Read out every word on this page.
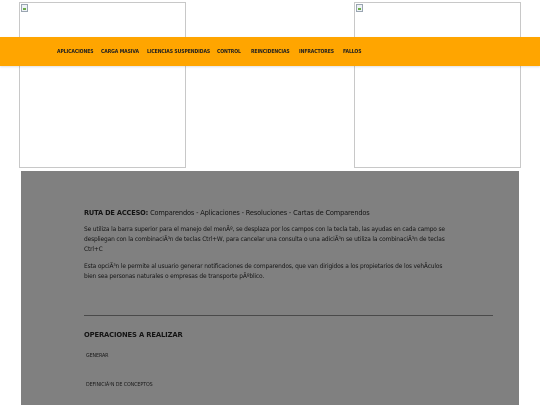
APLICACIONES	CARGA MASIVA LICENCIAS SUSPENDIDAS CONTROL	REINCIDENCIAS	INFRACTORES	FALLOS

RUTA DE ACCESO: Comparendos - Aplicaciones - Resoluciones - Cartas de Comparendos

Se utiliza la barra superior para el manejo del menÃº, se desplaza por los campos con la tecla tab, las ayudas en cada campo se despliegan con la combinaciÃ³n de teclas Ctrl+W, para cancelar una consulta o una adiciÃ³n se utiliza la combinaciÃ³n de teclas Ctrl+C

Esta opciÃ³n le permite al usuario generar notificaciones de comparendos, que van dirigidos a los propietarios de los vehÃculos bien sea personas naturales o empresas de transporte pÃºblico.

OPERACIONES A REALIZAR
GENERAR
DEFINICIÃ³N DE CONCEPTOS
